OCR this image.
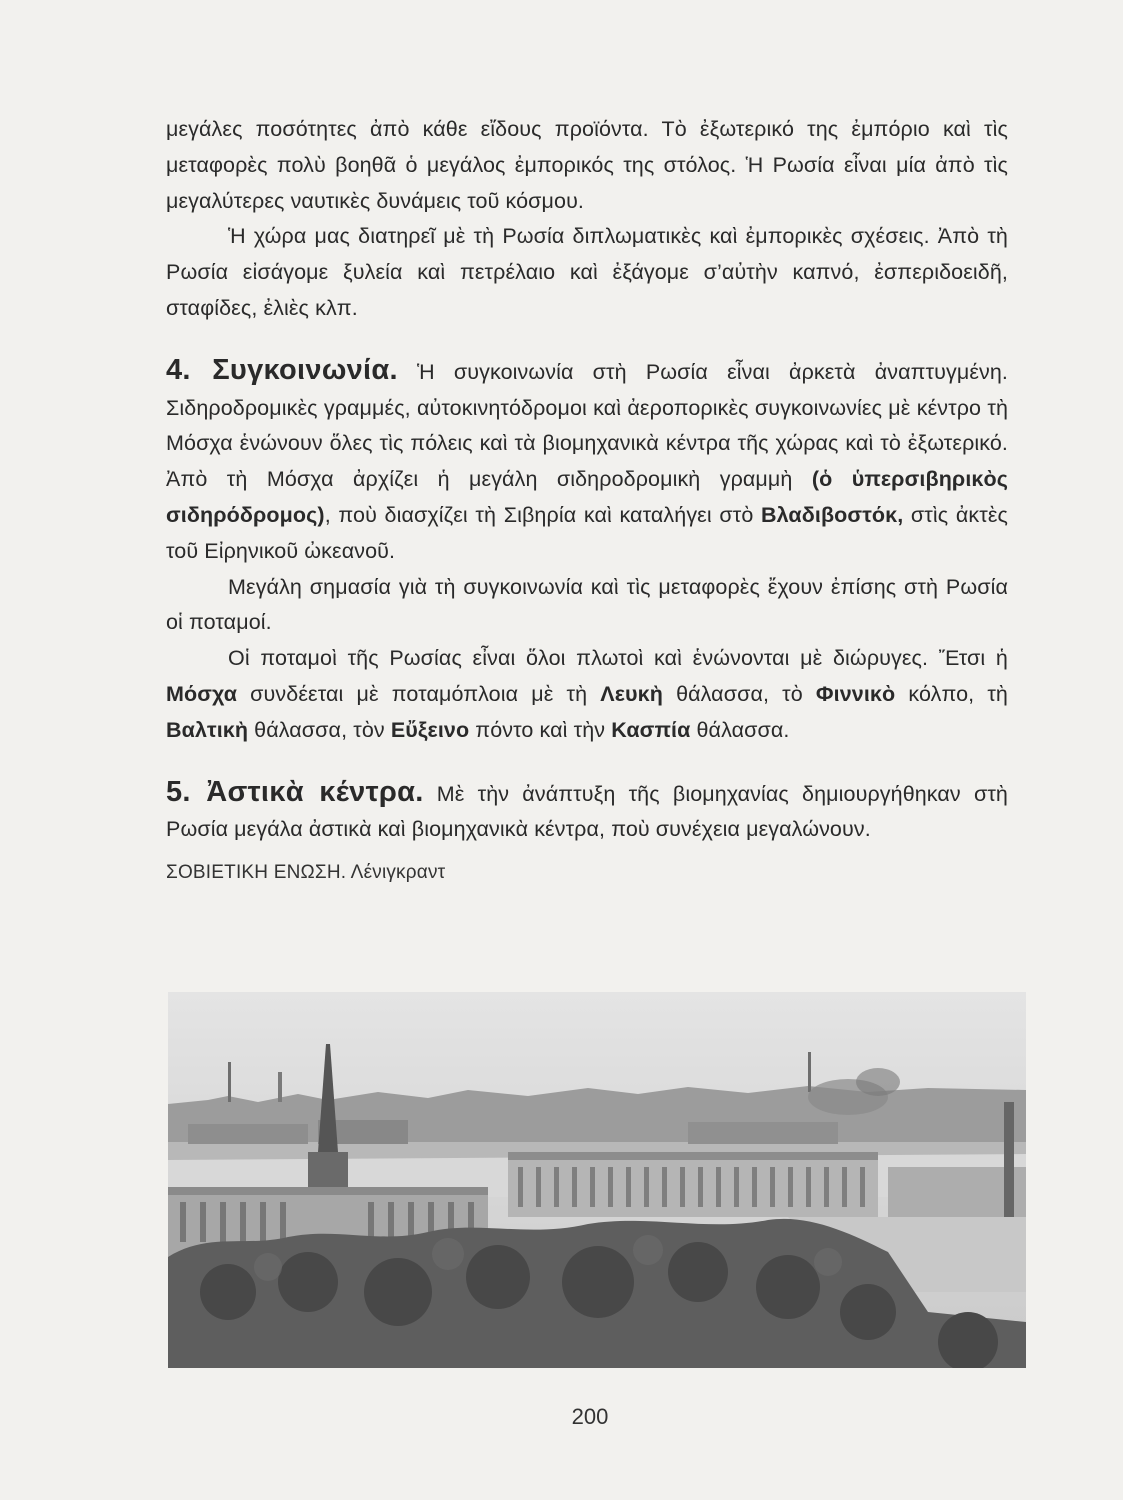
μεγάλες ποσότητες ἀπὸ κάθε εἴδους προϊόντα. Τὸ ἐξωτερικό της ἐμπόριο καὶ τὶς μεταφορὲς πολὺ βοηθᾶ ὁ μεγάλος ἐμπορικός της στόλος. Ἡ Ρωσία εἶναι μία ἀπὸ τὶς μεγαλύτερες ναυτικὲς δυνάμεις τοῦ κόσμου.

Ἡ χώρα μας διατηρεῖ μὲ τὴ Ρωσία διπλωματικὲς καὶ ἐμπορικὲς σχέσεις. Ἀπὸ τὴ Ρωσία εἰσάγομε ξυλεία καὶ πετρέλαιο καὶ ἐξάγομε σ’αὐτὴν καπνό, ἐσπεριδοειδῆ, σταφίδες, ἐλιὲς κλπ.

4. Συγκοινωνία. Ἡ συγκοινωνία στὴ Ρωσία εἶναι ἀρκετὰ ἀναπτυγμένη. Σιδηροδρομικὲς γραμμές, αὐτοκινητόδρομοι καὶ ἀεροπορικὲς συγκοινωνίες μὲ κέντρο τὴ Μόσχα ἑνώνουν ὅλες τὶς πόλεις καὶ τὰ βιομηχανικὰ κέντρα τῆς χώρας καὶ τὸ ἐξωτερικό. Ἀπὸ τὴ Μόσχα ἀρχίζει ἡ μεγάλη σιδηροδρομικὴ γραμμὴ (ὁ ὑπερσιβηρικὸς σιδηρόδρομος), ποὺ διασχίζει τὴ Σιβηρία καὶ καταλήγει στὸ Βλαδιβοστόκ, στὶς ἀκτὲς τοῦ Εἰρηνικοῦ ὠκεανοῦ.

Μεγάλη σημασία γιὰ τὴ συγκοινωνία καὶ τὶς μεταφορὲς ἔχουν ἐπίσης στὴ Ρωσία οἱ ποταμοί.

Οἱ ποταμοὶ τῆς Ρωσίας εἶναι ὅλοι πλωτοὶ καὶ ἑνώνονται μὲ διώρυγες. Ἔτσι ἡ Μόσχα συνδέεται μὲ ποταμόπλοια μὲ τὴ Λευκὴ θάλασσα, τὸ Φιννικὸ κόλπο, τὴ Βαλτικὴ θάλασσα, τὸν Εὔξεινο πόντο καὶ τὴν Κασπία θάλασσα.

5. Ἀστικὰ κέντρα. Μὲ τὴν ἀνάπτυξη τῆς βιομηχανίας δημιουργήθηκαν στὴ Ρωσία μεγάλα ἀστικὰ καὶ βιομηχανικὰ κέντρα, ποὺ συνέχεια μεγαλώνουν.

ΣΟΒΙΕΤΙΚΗ ΕΝΩΣΗ. Λένιγκραντ
200
